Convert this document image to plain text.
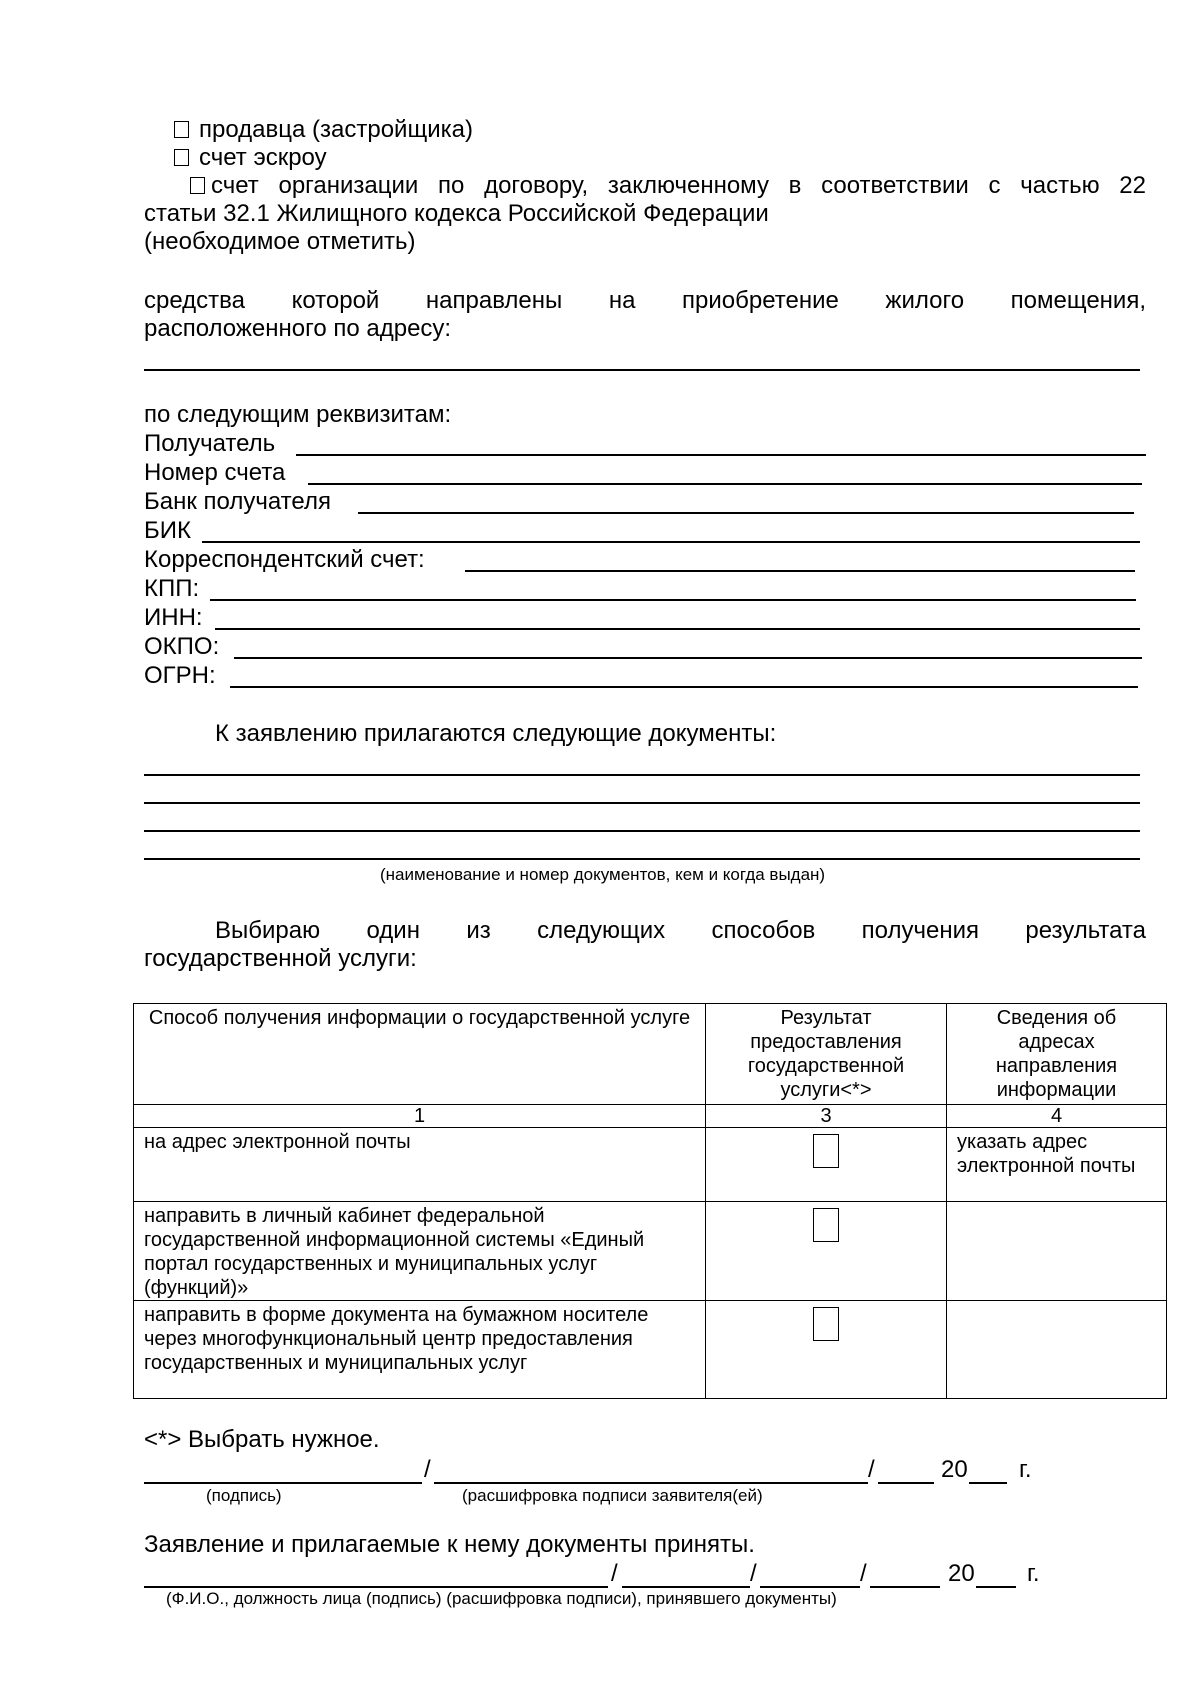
продавца (застройщика)
счет эскроу
счет организации по договору, заключенному в соответствии с частью 22
статьи 32.1 Жилищного кодекса Российской Федерации
(необходимое отметить)
средства которой направлены на приобретение жилого помещения,
расположенного по адресу:
по следующим реквизитам:
Получатель
Номер счета
Банк получателя
БИК
Корреспондентский счет:
КПП:
ИНН:
ОКПО:
ОГРН:
К заявлению прилагаются следующие документы:
(наименование и номер документов, кем и когда выдан)
Выбираю один из следующих способов получения результата
государственной услуги:
Способ получения информации о государственной услуге	Результат предоставления государственной услуги<*>	Сведения об адресах направления информации
1	3	4
на адрес электронной почты		указать адрес электронной почты
направить в личный кабинет федеральной государственной информационной системы «Единый портал государственных и муниципальных услуг (функций)»		
направить в форме документа на бумажном носителе через многофункциональный центр предоставления государственных и муниципальных услуг		
<*> Выбрать нужное.
/	/	20 г.
(подпись)	(расшифровка подписи заявителя(ей)
Заявление и прилагаемые к нему документы приняты.
/	/	/	20 г.
(Ф.И.О., должность лица (подпись) (расшифровка подписи), принявшего документы)
